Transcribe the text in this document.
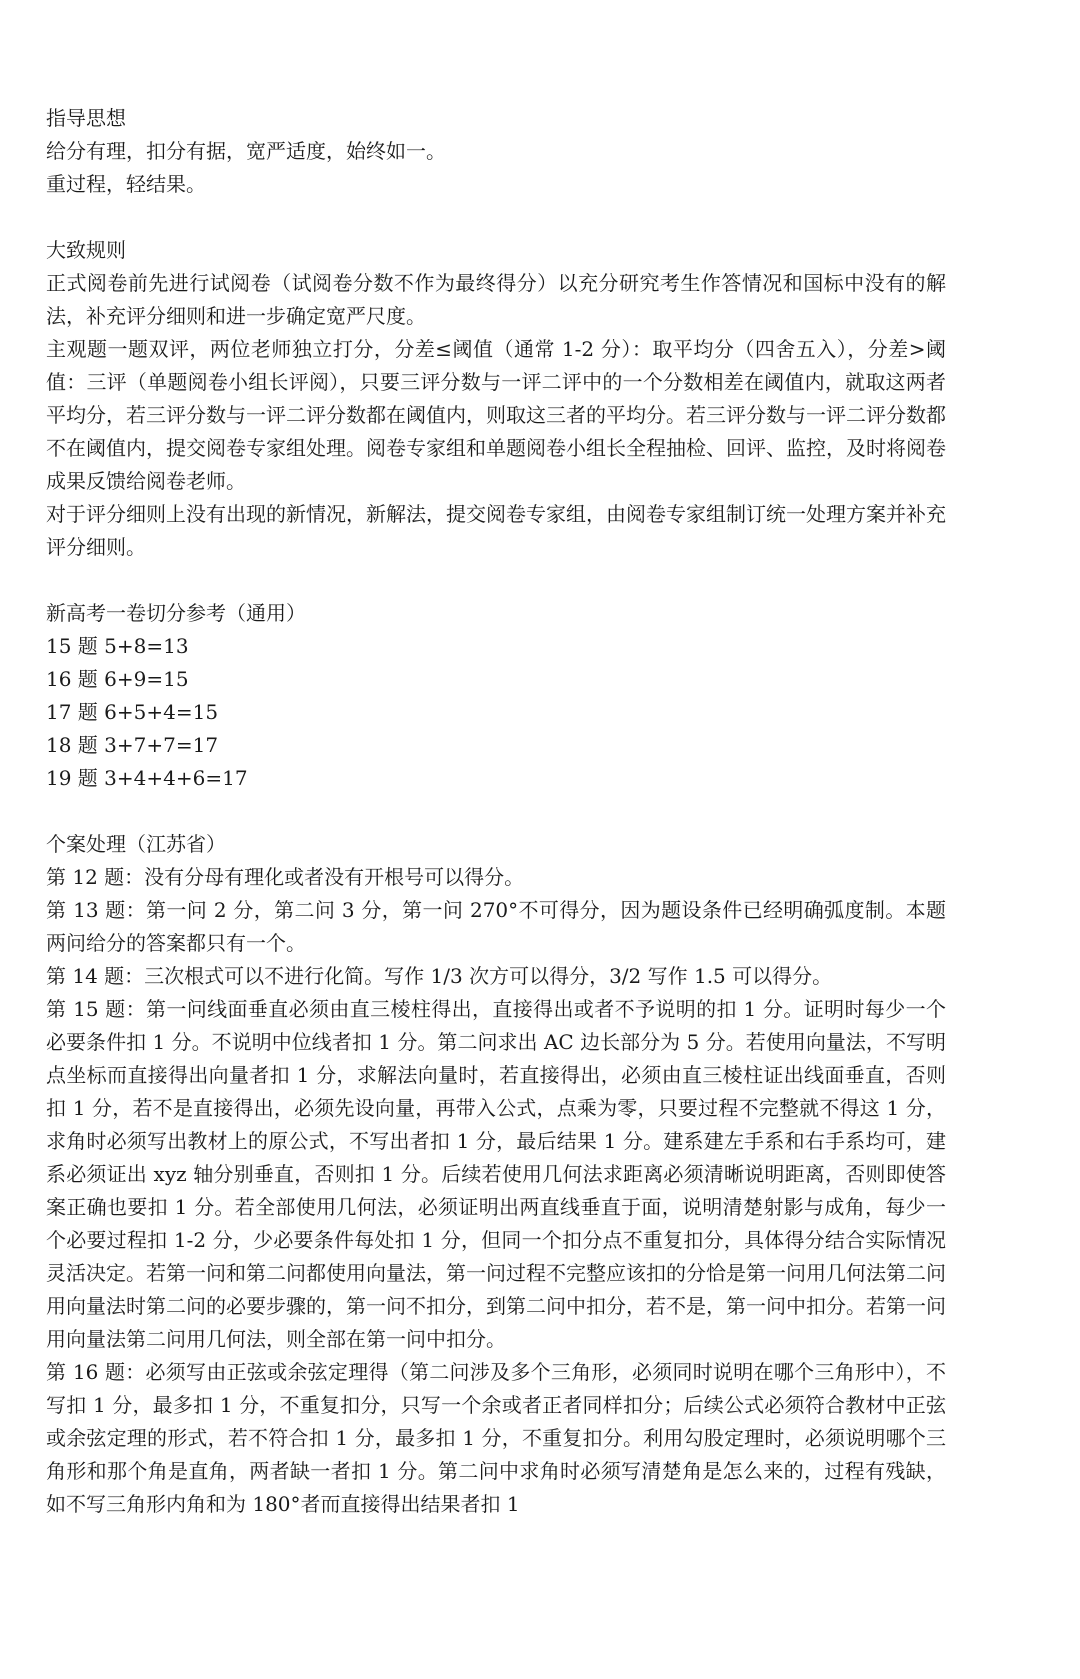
指导思想

给分有理，扣分有据，宽严适度，始终如一。

重过程，轻结果。

大致规则

正式阅卷前先进行试阅卷（试阅卷分数不作为最终得分）以充分研究考生作答情况和国标中没有的解法，补充评分细则和进一步确定宽严尺度。

主观题一题双评，两位老师独立打分，分差≤阈值（通常 1-2 分）：取平均分（四舍五入），分差>阈值：三评（单题阅卷小组长评阅），只要三评分数与一评二评中的一个分数相差在阈值内，就取这两者平均分，若三评分数与一评二评分数都在阈值内，则取这三者的平均分。若三评分数与一评二评分数都不在阈值内，提交阅卷专家组处理。阅卷专家组和单题阅卷小组长全程抽检、回评、监控，及时将阅卷成果反馈给阅卷老师。

对于评分细则上没有出现的新情况，新解法，提交阅卷专家组，由阅卷专家组制订统一处理方案并补充评分细则。

新高考一卷切分参考（通用）

15 题 5+8=13

16 题 6+9=15

17 题 6+5+4=15

18 题 3+7+7=17

19 题 3+4+4+6=17

个案处理（江苏省）

第 12 题：没有分母有理化或者没有开根号可以得分。

第 13 题：第一问 2 分，第二问 3 分，第一问 270°不可得分，因为题设条件已经明确弧度制。本题两问给分的答案都只有一个。

第 14 题：三次根式可以不进行化简。写作 1/3 次方可以得分，3/2 写作 1.5 可以得分。

第 15 题：第一问线面垂直必须由直三棱柱得出，直接得出或者不予说明的扣 1 分。证明时每少一个必要条件扣 1 分。不说明中位线者扣 1 分。第二问求出 AC 边长部分为 5 分。若使用向量法，不写明点坐标而直接得出向量者扣 1 分，求解法向量时，若直接得出，必须由直三棱柱证出线面垂直，否则扣 1 分，若不是直接得出，必须先设向量，再带入公式，点乘为零，只要过程不完整就不得这 1 分，求角时必须写出教材上的原公式，不写出者扣 1 分，最后结果 1 分。建系建左手系和右手系均可，建系必须证出 xyz 轴分别垂直，否则扣 1 分。后续若使用几何法求距离必须清晰说明距离，否则即使答案正确也要扣 1 分。若全部使用几何法，必须证明出两直线垂直于面，说明清楚射影与成角，每少一个必要过程扣 1-2 分，少必要条件每处扣 1 分，但同一个扣分点不重复扣分，具体得分结合实际情况灵活决定。若第一问和第二问都使用向量法，第一问过程不完整应该扣的分恰是第一问用几何法第二问用向量法时第二问的必要步骤的，第一问不扣分，到第二问中扣分，若不是，第一问中扣分。若第一问用向量法第二问用几何法，则全部在第一问中扣分。

第 16 题：必须写由正弦或余弦定理得（第二问涉及多个三角形，必须同时说明在哪个三角形中），不写扣 1 分，最多扣 1 分，不重复扣分，只写一个余或者正者同样扣分；后续公式必须符合教材中正弦或余弦定理的形式，若不符合扣 1 分，最多扣 1 分，不重复扣分。利用勾股定理时，必须说明哪个三角形和那个角是直角，两者缺一者扣 1 分。第二问中求角时必须写清楚角是怎么来的，过程有残缺，如不写三角形内角和为 180°者而直接得出结果者扣 1
